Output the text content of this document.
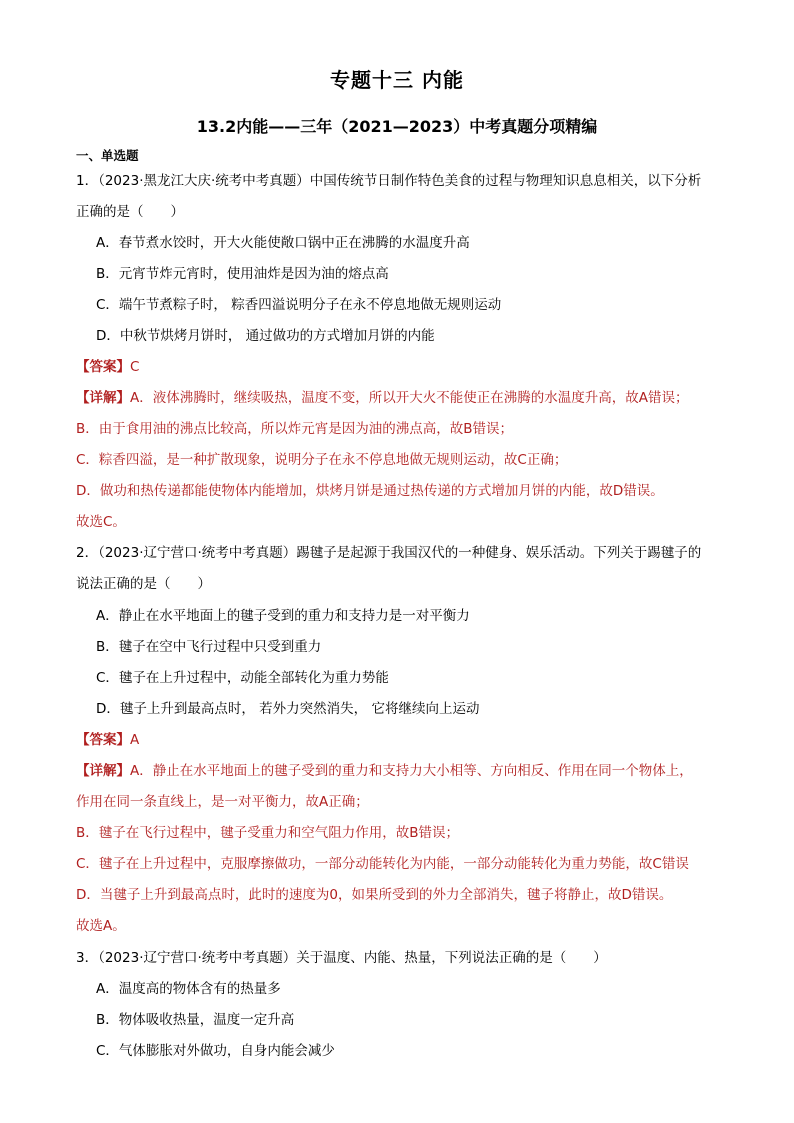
专题十三 内能
13.2内能——三年（2021—2023）中考真题分项精编
一、单选题
1．（2023·黑龙江大庆·统考中考真题）中国传统节日制作特色美食的过程与物理知识息息相关，以下分析
正确的是（　　）
A．春节煮水饺时，开大火能使敞口锅中正在沸腾的水温度升高
B．元宵节炸元宵时，使用油炸是因为油的熔点高
C．端午节煮粽子时， 粽香四溢说明分子在永不停息地做无规则运动
D．中秋节烘烤月饼时， 通过做功的方式增加月饼的内能
【答案】C
【详解】A．液体沸腾时，继续吸热，温度不变，所以开大火不能使正在沸腾的水温度升高，故A错误；
B．由于食用油的沸点比较高，所以炸元宵是因为油的沸点高，故B错误；
C．粽香四溢，是一种扩散现象，说明分子在永不停息地做无规则运动，故C正确；
D．做功和热传递都能使物体内能增加，烘烤月饼是通过热传递的方式增加月饼的内能，故D错误。
故选C。
2．（2023·辽宁营口·统考中考真题）踢毽子是起源于我国汉代的一种健身、娱乐活动。下列关于踢毽子的
说法正确的是（　　）
A．静止在水平地面上的毽子受到的重力和支持力是一对平衡力
B．毽子在空中飞行过程中只受到重力
C．毽子在上升过程中，动能全部转化为重力势能
D．毽子上升到最高点时， 若外力突然消失， 它将继续向上运动
【答案】A
【详解】A．静止在水平地面上的毽子受到的重力和支持力大小相等、方向相反、作用在同一个物体上，
作用在同一条直线上，是一对平衡力，故A正确；
B．毽子在飞行过程中，毽子受重力和空气阻力作用，故B错误；
C．毽子在上升过程中，克服摩擦做功，一部分动能转化为内能，一部分动能转化为重力势能，故C错误
D．当毽子上升到最高点时，此时的速度为0，如果所受到的外力全部消失，毽子将静止，故D错误。
故选A。
3．（2023·辽宁营口·统考中考真题）关于温度、内能、热量，下列说法正确的是（　　）
A．温度高的物体含有的热量多
B．物体吸收热量，温度一定升高
C．气体膨胀对外做功，自身内能会减少
